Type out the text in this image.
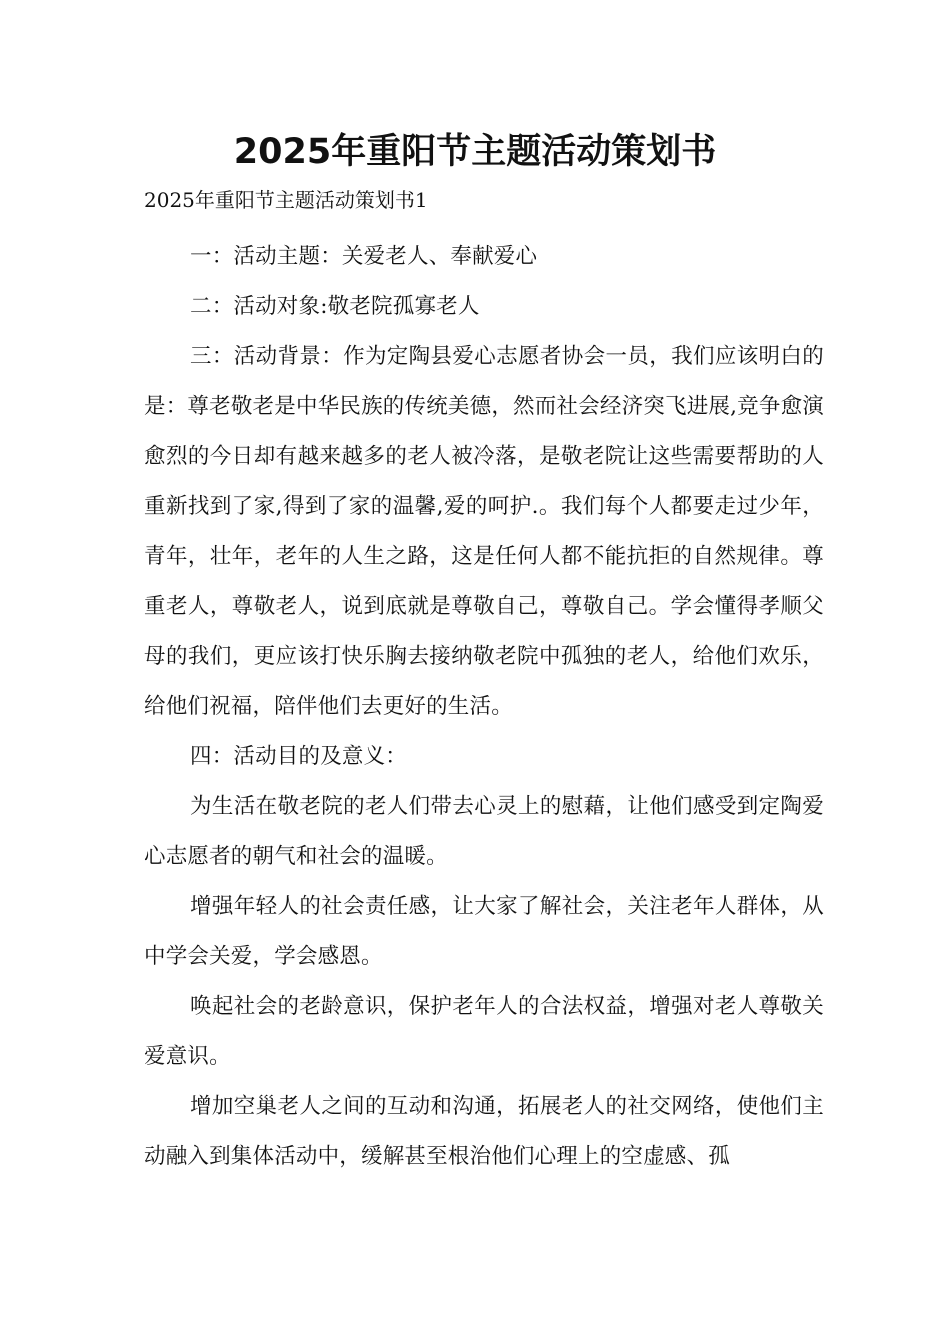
2025年重阳节主题活动策划书
2025年重阳节主题活动策划书1

一：活动主题：关爱老人、奉献爱心

二：活动对象:敬老院孤寡老人

三：活动背景：作为定陶县爱心志愿者协会一员，我们应该明白的是：尊老敬老是中华民族的传统美德，然而社会经济突飞进展,竞争愈演愈烈的今日却有越来越多的老人被冷落，是敬老院让这些需要帮助的人重新找到了家,得到了家的温馨,爱的呵护.。我们每个人都要走过少年，青年，壮年，老年的人生之路，这是任何人都不能抗拒的自然规律。尊重老人，尊敬老人，说到底就是尊敬自己，尊敬自己。学会懂得孝顺父母的我们，更应该打快乐胸去接纳敬老院中孤独的老人，给他们欢乐，给他们祝福，陪伴他们去更好的生活。

四：活动目的及意义：

为生活在敬老院的老人们带去心灵上的慰藉，让他们感受到定陶爱心志愿者的朝气和社会的温暖。

增强年轻人的社会责任感，让大家了解社会，关注老年人群体，从中学会关爱，学会感恩。

唤起社会的老龄意识，保护老年人的合法权益，增强对老人尊敬关爱意识。

增加空巢老人之间的互动和沟通，拓展老人的社交网络，使他们主动融入到集体活动中，缓解甚至根治他们心理上的空虚感、孤
